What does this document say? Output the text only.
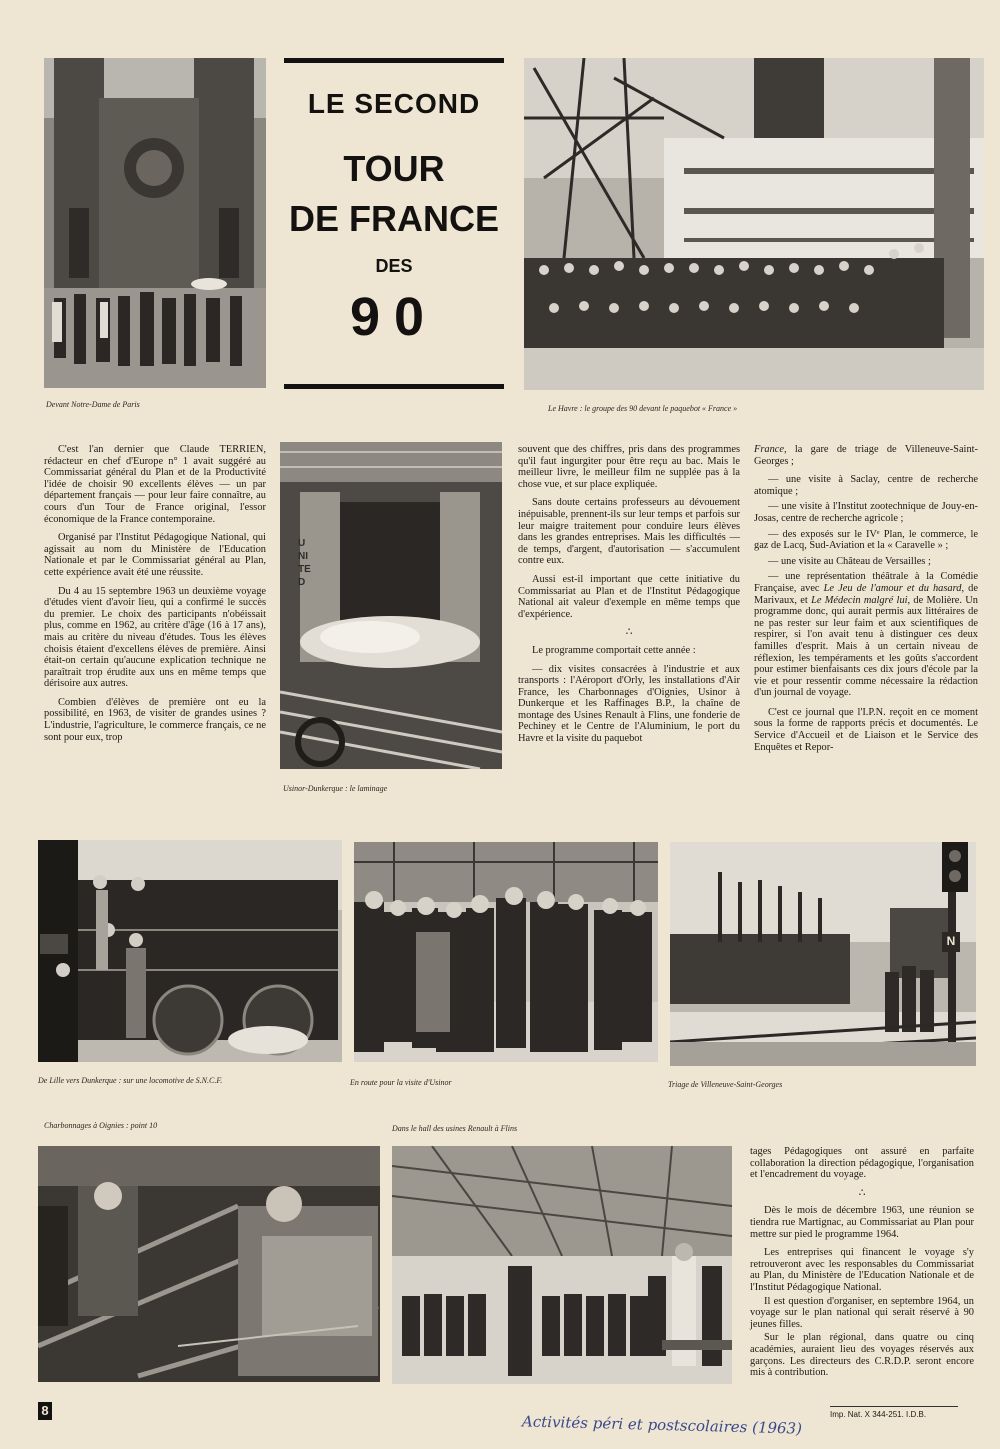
LE SECOND
TOUR
DE FRANCE
DES
90
Devant Notre-Dame de Paris	Le Havre : le groupe des 90 devant le paquebot « France »

C'est l'an dernier que Claude TERRIEN, rédacteur en chef d'Europe n° 1 avait suggéré au Commissariat général du Plan et de la Productivité l'idée de choisir 90 excellents élèves — un par département français — pour leur faire connaître, au cours d'un Tour de France original, l'essor économique de la France contemporaine.

Organisé par l'Institut Pédagogique National, qui agissait au nom du Ministère de l'Education Nationale et par le Commissariat général au Plan, cette expérience avait été une réussite.

Du 4 au 15 septembre 1963 un deuxième voyage d'études vient d'avoir lieu, qui a confirmé le succès du premier. Le choix des participants n'obéissait plus, comme en 1962, au critère d'âge (16 à 17 ans), mais au critère du niveau d'études. Tous les élèves choisis étaient d'excellens élèves de première. Ainsi était-on certain qu'aucune explication technique ne paraîtrait trop érudite aux uns en même temps que dérisoire aux autres.

Combien d'élèves de première ont eu la possibilité, en 1963, de visiter de grandes usines ? L'industrie, l'agriculture, le commerce français, ce ne sont pour eux, trop

UNITED
Usinor-Dunkerque : le laminage

souvent que des chiffres, pris dans des programmes qu'il faut ingurgiter pour être reçu au bac. Mais le meilleur livre, le meilleur film ne supplée pas à la chose vue, et sur place expliquée.

Sans doute certains professeurs au dévouement inépuisable, prennent-ils sur leur temps et parfois sur leur maigre traitement pour conduire leurs élèves dans les grandes entreprises. Mais les difficultés — de temps, d'argent, d'autorisation — s'accumulent contre eux.

Aussi est-il important que cette initiative du Commissariat au Plan et de l'Institut Pédagogique National ait valeur d'exemple en même temps que d'expérience.

∴

Le programme comportait cette année :

— dix visites consacrées à l'industrie et aux transports : l'Aéroport d'Orly, les installations d'Air France, les Charbonnages d'Oignies, Usinor à Dunkerque et les Raffinages B.P., la chaîne de montage des Usines Renault à Flins, une fonderie de Pechiney et le Centre de l'Aluminium, le port du Havre et la visite du paquebot

France, la gare de triage de Villeneuve-Saint-Georges ;

— une visite à Saclay, centre de recherche atomique ;

— une visite à l'Institut zootechnique de Jouy-en-Josas, centre de recherche agricole ;

— des exposés sur le IVᵉ Plan, le commerce, le gaz de Lacq, Sud-Aviation et la « Caravelle » ;

— une visite au Château de Versailles ;

— une représentation théâtrale à la Comédie Française, avec Le Jeu de l'amour et du hasard, de Marivaux, et Le Médecin malgré lui, de Molière. Un programme donc, qui aurait permis aux littéraires de ne pas rester sur leur faim et aux scientifiques de respirer, si l'on avait tenu à distinguer ces deux familles d'esprit. Mais à un certain niveau de réflexion, les tempéraments et les goûts s'accordent pour estimer bienfaisants ces dix jours d'école par la vie et pour ressentir comme nécessaire la rédaction d'un journal de voyage.

C'est ce journal que l'I.P.N. reçoit en ce moment sous la forme de rapports précis et documentés. Le Service d'Accueil et de Liaison et le Service des Enquêtes et Repor-

N
De Lille vers Dunkerque : sur une locomotive de S.N.C.F.	En route pour la visite d'Usinor	Triage de Villeneuve-Saint-Georges
Charbonnages à Oignies : point 10	Dans le hall des usines Renault à Flins

tages Pédagogiques ont assuré en parfaite collaboration la direction pédagogique, l'organisation et l'encadrement du voyage.

∴

Dès le mois de décembre 1963, une réunion se tiendra rue Martignac, au Commissariat au Plan pour mettre sur pied le programme 1964.

Les entreprises qui financent le voyage s'y retrouveront avec les responsables du Commissariat au Plan, du Ministère de l'Education Nationale et de l'Institut Pédagogique National.

Il est question d'organiser, en septembre 1964, un voyage sur le plan national qui serait réservé à 90 jeunes filles.

Sur le plan régional, dans quatre ou cinq académies, auraient lieu des voyages réservés aux garçons. Les directeurs des C.R.D.P. seront encore mis à contribution.

8	Imp. Nat. X 344-251. I.D.B.
Activités péri et postscolaires (1963)
